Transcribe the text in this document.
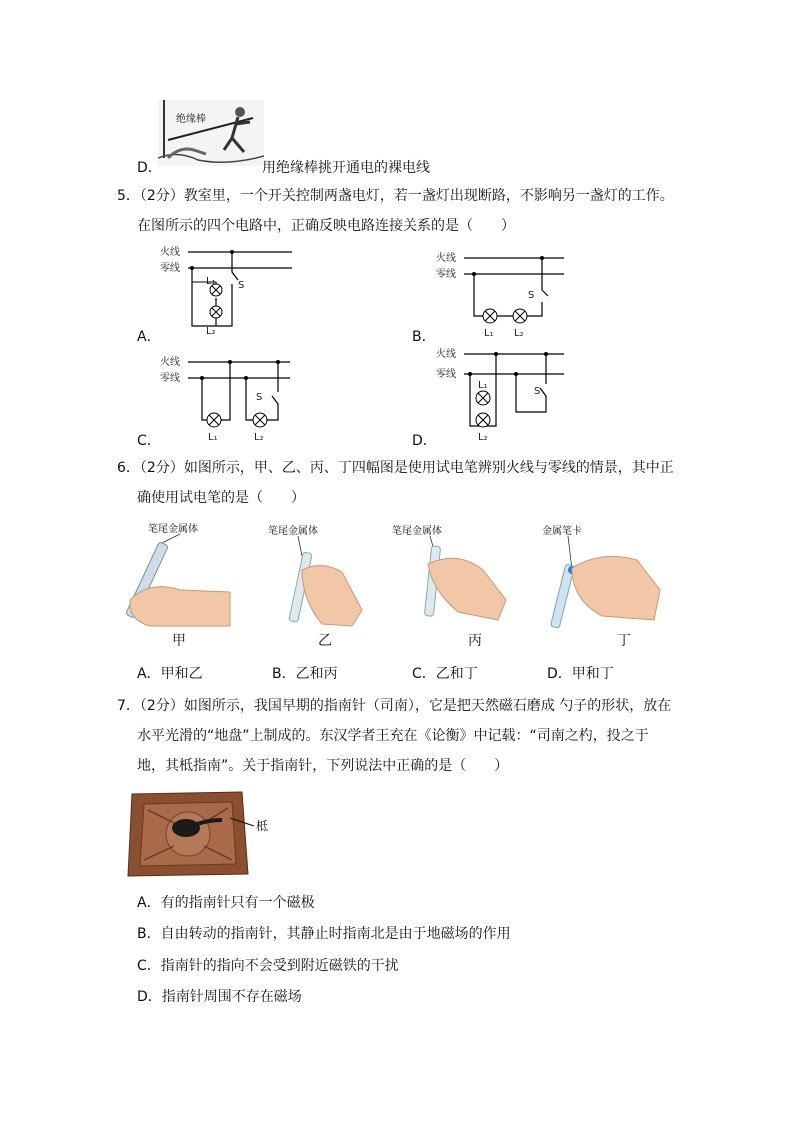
绝缘棒
D．	用绝缘棒挑开通电的裸电线
5．（2分）教室里，一个开关控制两盏电灯，若一盏灯出现断路，不影响另一盏灯的工作。
在图所示的四个电路中，正确反映电路连接关系的是（　　）
火线
零线
L₁
L₂
S
A．
火线
零线
L₁ L₂
S
B．
火线
零线
L₁	L₂
S
C．
火线
零线
L₁
L₂
S
D．
6．（2分）如图所示，甲、乙、丙、丁四幅图是使用试电笔辨别火线与零线的情景，其中正
确使用试电笔的是（　　）
笔尾金属体	笔尾金属体	笔尾金属体	金属笔卡
甲	乙	丙	丁
A．甲和乙	B．乙和丙	C．乙和丁	D．甲和丁
7．（2分）如图所示，我国早期的指南针（司南），它是把天然磁石磨成 勺子的形状，放在
水平光滑的“地盘”上制成的。东汉学者王充在《论衡》中记载：“司南之杓，投之于
地，其柢指南”。关于指南针，下列说法中正确的是（　　）
柢
A．有的指南针只有一个磁极
B．自由转动的指南针，其静止时指南北是由于地磁场的作用
C．指南针的指向不会受到附近磁铁的干扰
D．指南针周围不存在磁场
